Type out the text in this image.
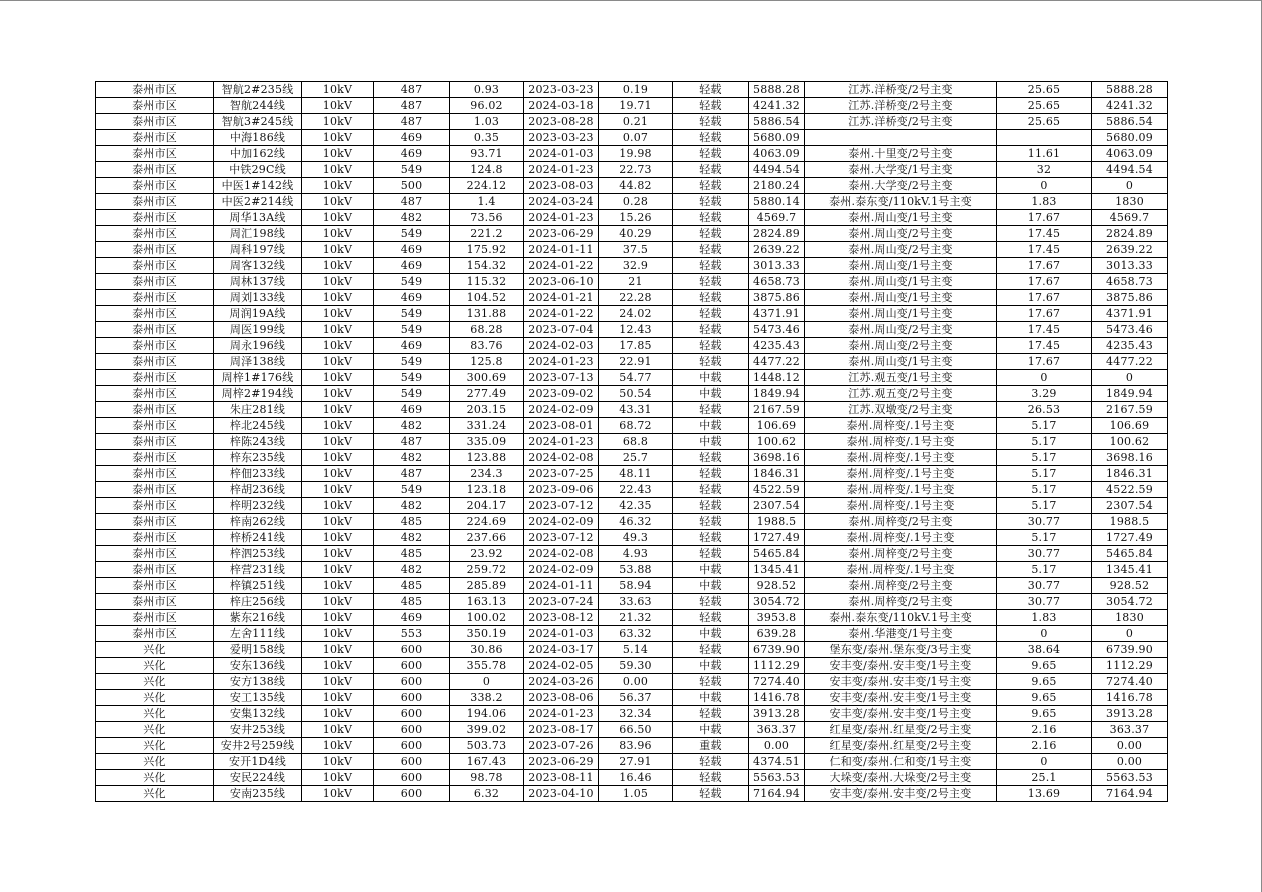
泰州市区	智航2#235线	10kV	487	0.93	2023-03-23	0.19	轻载	5888.28	江苏.洋桥变/2号主变	25.65	5888.28
泰州市区	智航244线	10kV	487	96.02	2024-03-18	19.71	轻载	4241.32	江苏.洋桥变/2号主变	25.65	4241.32
泰州市区	智航3#245线	10kV	487	1.03	2023-08-28	0.21	轻载	5886.54	江苏.洋桥变/2号主变	25.65	5886.54
泰州市区	中海186线	10kV	469	0.35	2023-03-23	0.07	轻载	5680.09			5680.09
泰州市区	中加162线	10kV	469	93.71	2024-01-03	19.98	轻载	4063.09	泰州.十里变/2号主变	11.61	4063.09
泰州市区	中铁29C线	10kV	549	124.8	2024-01-23	22.73	轻载	4494.54	泰州.大学变/1号主变	32	4494.54
泰州市区	中医1#142线	10kV	500	224.12	2023-08-03	44.82	轻载	2180.24	泰州.大学变/2号主变	0	0
泰州市区	中医2#214线	10kV	487	1.4	2024-03-24	0.28	轻载	5880.14	泰州.泰东变/110kV.1号主变	1.83	1830
泰州市区	周华13A线	10kV	482	73.56	2024-01-23	15.26	轻载	4569.7	泰州.周山变/1号主变	17.67	4569.7
泰州市区	周汇198线	10kV	549	221.2	2023-06-29	40.29	轻载	2824.89	泰州.周山变/2号主变	17.45	2824.89
泰州市区	周科197线	10kV	469	175.92	2024-01-11	37.5	轻载	2639.22	泰州.周山变/2号主变	17.45	2639.22
泰州市区	周客132线	10kV	469	154.32	2024-01-22	32.9	轻载	3013.33	泰州.周山变/1号主变	17.67	3013.33
泰州市区	周林137线	10kV	549	115.32	2023-06-10	21	轻载	4658.73	泰州.周山变/1号主变	17.67	4658.73
泰州市区	周刘133线	10kV	469	104.52	2024-01-21	22.28	轻载	3875.86	泰州.周山变/1号主变	17.67	3875.86
泰州市区	周润19A线	10kV	549	131.88	2024-01-22	24.02	轻载	4371.91	泰州.周山变/1号主变	17.67	4371.91
泰州市区	周医199线	10kV	549	68.28	2023-07-04	12.43	轻载	5473.46	泰州.周山变/2号主变	17.45	5473.46
泰州市区	周永196线	10kV	469	83.76	2024-02-03	17.85	轻载	4235.43	泰州.周山变/2号主变	17.45	4235.43
泰州市区	周泽138线	10kV	549	125.8	2024-01-23	22.91	轻载	4477.22	泰州.周山变/1号主变	17.67	4477.22
泰州市区	周梓1#176线	10kV	549	300.69	2023-07-13	54.77	中载	1448.12	江苏.观五变/1号主变	0	0
泰州市区	周梓2#194线	10kV	549	277.49	2023-09-02	50.54	中载	1849.94	江苏.观五变/2号主变	3.29	1849.94
泰州市区	朱庄281线	10kV	469	203.15	2024-02-09	43.31	轻载	2167.59	江苏.双墩变/2号主变	26.53	2167.59
泰州市区	梓北245线	10kV	482	331.24	2023-08-01	68.72	中载	106.69	泰州.周梓变/.1号主变	5.17	106.69
泰州市区	梓陈243线	10kV	487	335.09	2024-01-23	68.8	中载	100.62	泰州.周梓变/.1号主变	5.17	100.62
泰州市区	梓东235线	10kV	482	123.88	2024-02-08	25.7	轻载	3698.16	泰州.周梓变/.1号主变	5.17	3698.16
泰州市区	梓佃233线	10kV	487	234.3	2023-07-25	48.11	轻载	1846.31	泰州.周梓变/.1号主变	5.17	1846.31
泰州市区	梓胡236线	10kV	549	123.18	2023-09-06	22.43	轻载	4522.59	泰州.周梓变/.1号主变	5.17	4522.59
泰州市区	梓明232线	10kV	482	204.17	2023-07-12	42.35	轻载	2307.54	泰州.周梓变/.1号主变	5.17	2307.54
泰州市区	梓南262线	10kV	485	224.69	2024-02-09	46.32	轻载	1988.5	泰州.周梓变/2号主变	30.77	1988.5
泰州市区	梓桥241线	10kV	482	237.66	2023-07-12	49.3	轻载	1727.49	泰州.周梓变/.1号主变	5.17	1727.49
泰州市区	梓泗253线	10kV	485	23.92	2024-02-08	4.93	轻载	5465.84	泰州.周梓变/2号主变	30.77	5465.84
泰州市区	梓营231线	10kV	482	259.72	2024-02-09	53.88	中载	1345.41	泰州.周梓变/.1号主变	5.17	1345.41
泰州市区	梓镇251线	10kV	485	285.89	2024-01-11	58.94	中载	928.52	泰州.周梓变/2号主变	30.77	928.52
泰州市区	梓庄256线	10kV	485	163.13	2023-07-24	33.63	轻载	3054.72	泰州.周梓变/2号主变	30.77	3054.72
泰州市区	紫东216线	10kV	469	100.02	2023-08-12	21.32	轻载	3953.8	泰州.泰东变/110kV.1号主变	1.83	1830
泰州市区	左舍111线	10kV	553	350.19	2024-01-03	63.32	中载	639.28	泰州.华港变/1号主变	0	0
兴化	爱明158线	10kV	600	30.86	2024-03-17	5.14	轻载	6739.90	堡东变/泰州.堡东变/3号主变	38.64	6739.90
兴化	安东136线	10kV	600	355.78	2024-02-05	59.30	中载	1112.29	安丰变/泰州.安丰变/1号主变	9.65	1112.29
兴化	安方138线	10kV	600	0	2024-03-26	0.00	轻载	7274.40	安丰变/泰州.安丰变/1号主变	9.65	7274.40
兴化	安工135线	10kV	600	338.2	2023-08-06	56.37	中载	1416.78	安丰变/泰州.安丰变/1号主变	9.65	1416.78
兴化	安集132线	10kV	600	194.06	2024-01-23	32.34	轻载	3913.28	安丰变/泰州.安丰变/1号主变	9.65	3913.28
兴化	安井253线	10kV	600	399.02	2023-08-17	66.50	中载	363.37	红星变/泰州.红星变/2号主变	2.16	363.37
兴化	安井2号259线	10kV	600	503.73	2023-07-26	83.96	重载	0.00	红星变/泰州.红星变/2号主变	2.16	0.00
兴化	安开1D4线	10kV	600	167.43	2023-06-29	27.91	轻载	4374.51	仁和变/泰州.仁和变/1号主变	0	0.00
兴化	安民224线	10kV	600	98.78	2023-08-11	16.46	轻载	5563.53	大垛变/泰州.大垛变/2号主变	25.1	5563.53
兴化	安南235线	10kV	600	6.32	2023-04-10	1.05	轻载	7164.94	安丰变/泰州.安丰变/2号主变	13.69	7164.94
